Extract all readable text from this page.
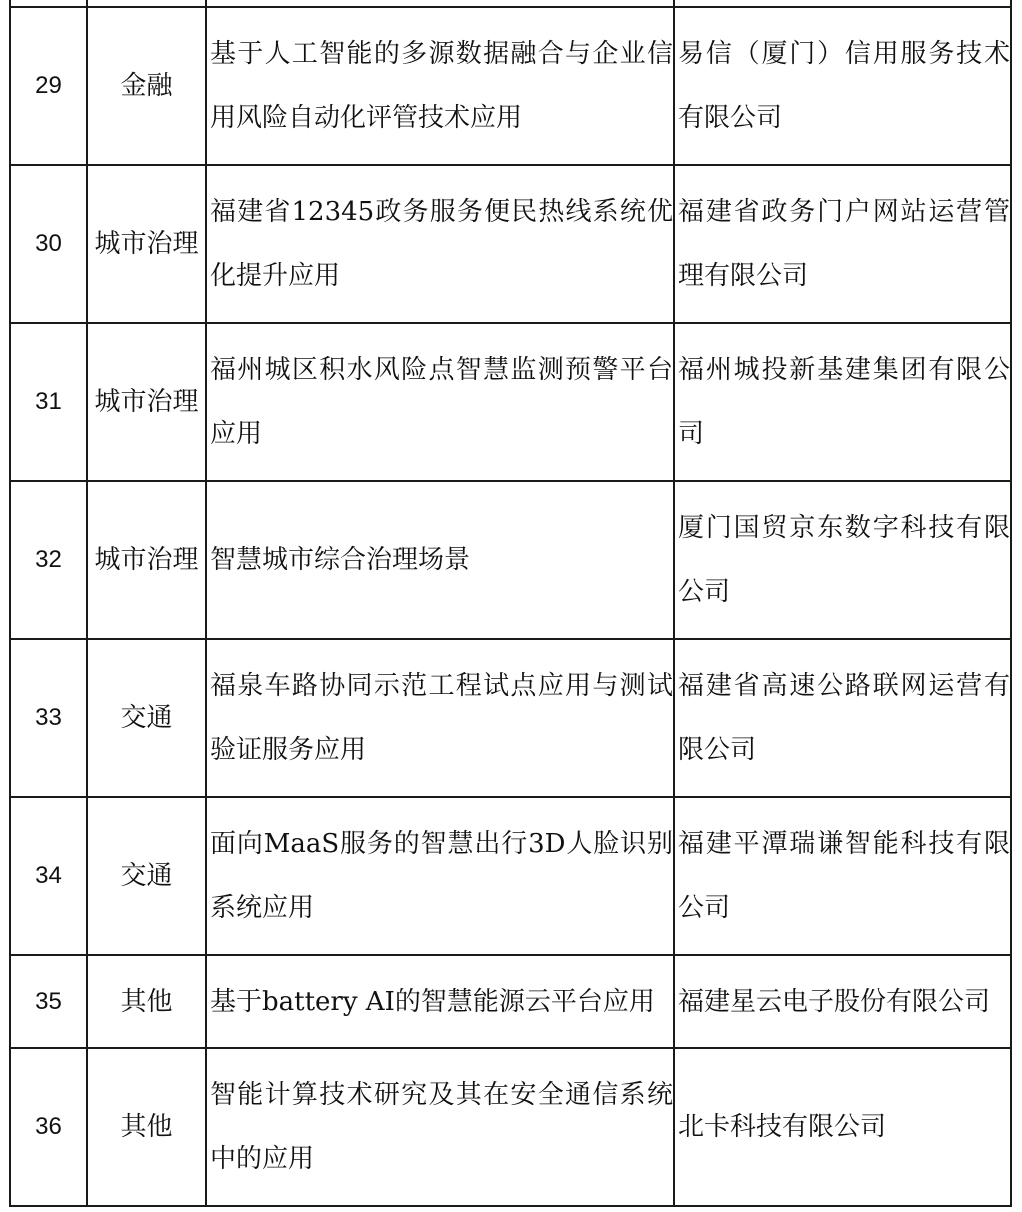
29	金融	基于人工智能的多源数据融合与企业信用风险自动化评管技术应用	易信（厦门）信用服务技术有限公司
30	城市治理	福建省12345政务服务便民热线系统优化提升应用	福建省政务门户网站运营管理有限公司
31	城市治理	福州城区积水风险点智慧监测预警平台应用	福州城投新基建集团有限公司
32	城市治理	智慧城市综合治理场景	厦门国贸京东数字科技有限公司
33	交通	福泉车路协同示范工程试点应用与测试验证服务应用	福建省高速公路联网运营有限公司
34	交通	面向MaaS服务的智慧出行3D人脸识别系统应用	福建平潭瑞谦智能科技有限公司
35	其他	基于battery AI的智慧能源云平台应用	福建星云电子股份有限公司
36	其他	智能计算技术研究及其在安全通信系统中的应用	北卡科技有限公司
